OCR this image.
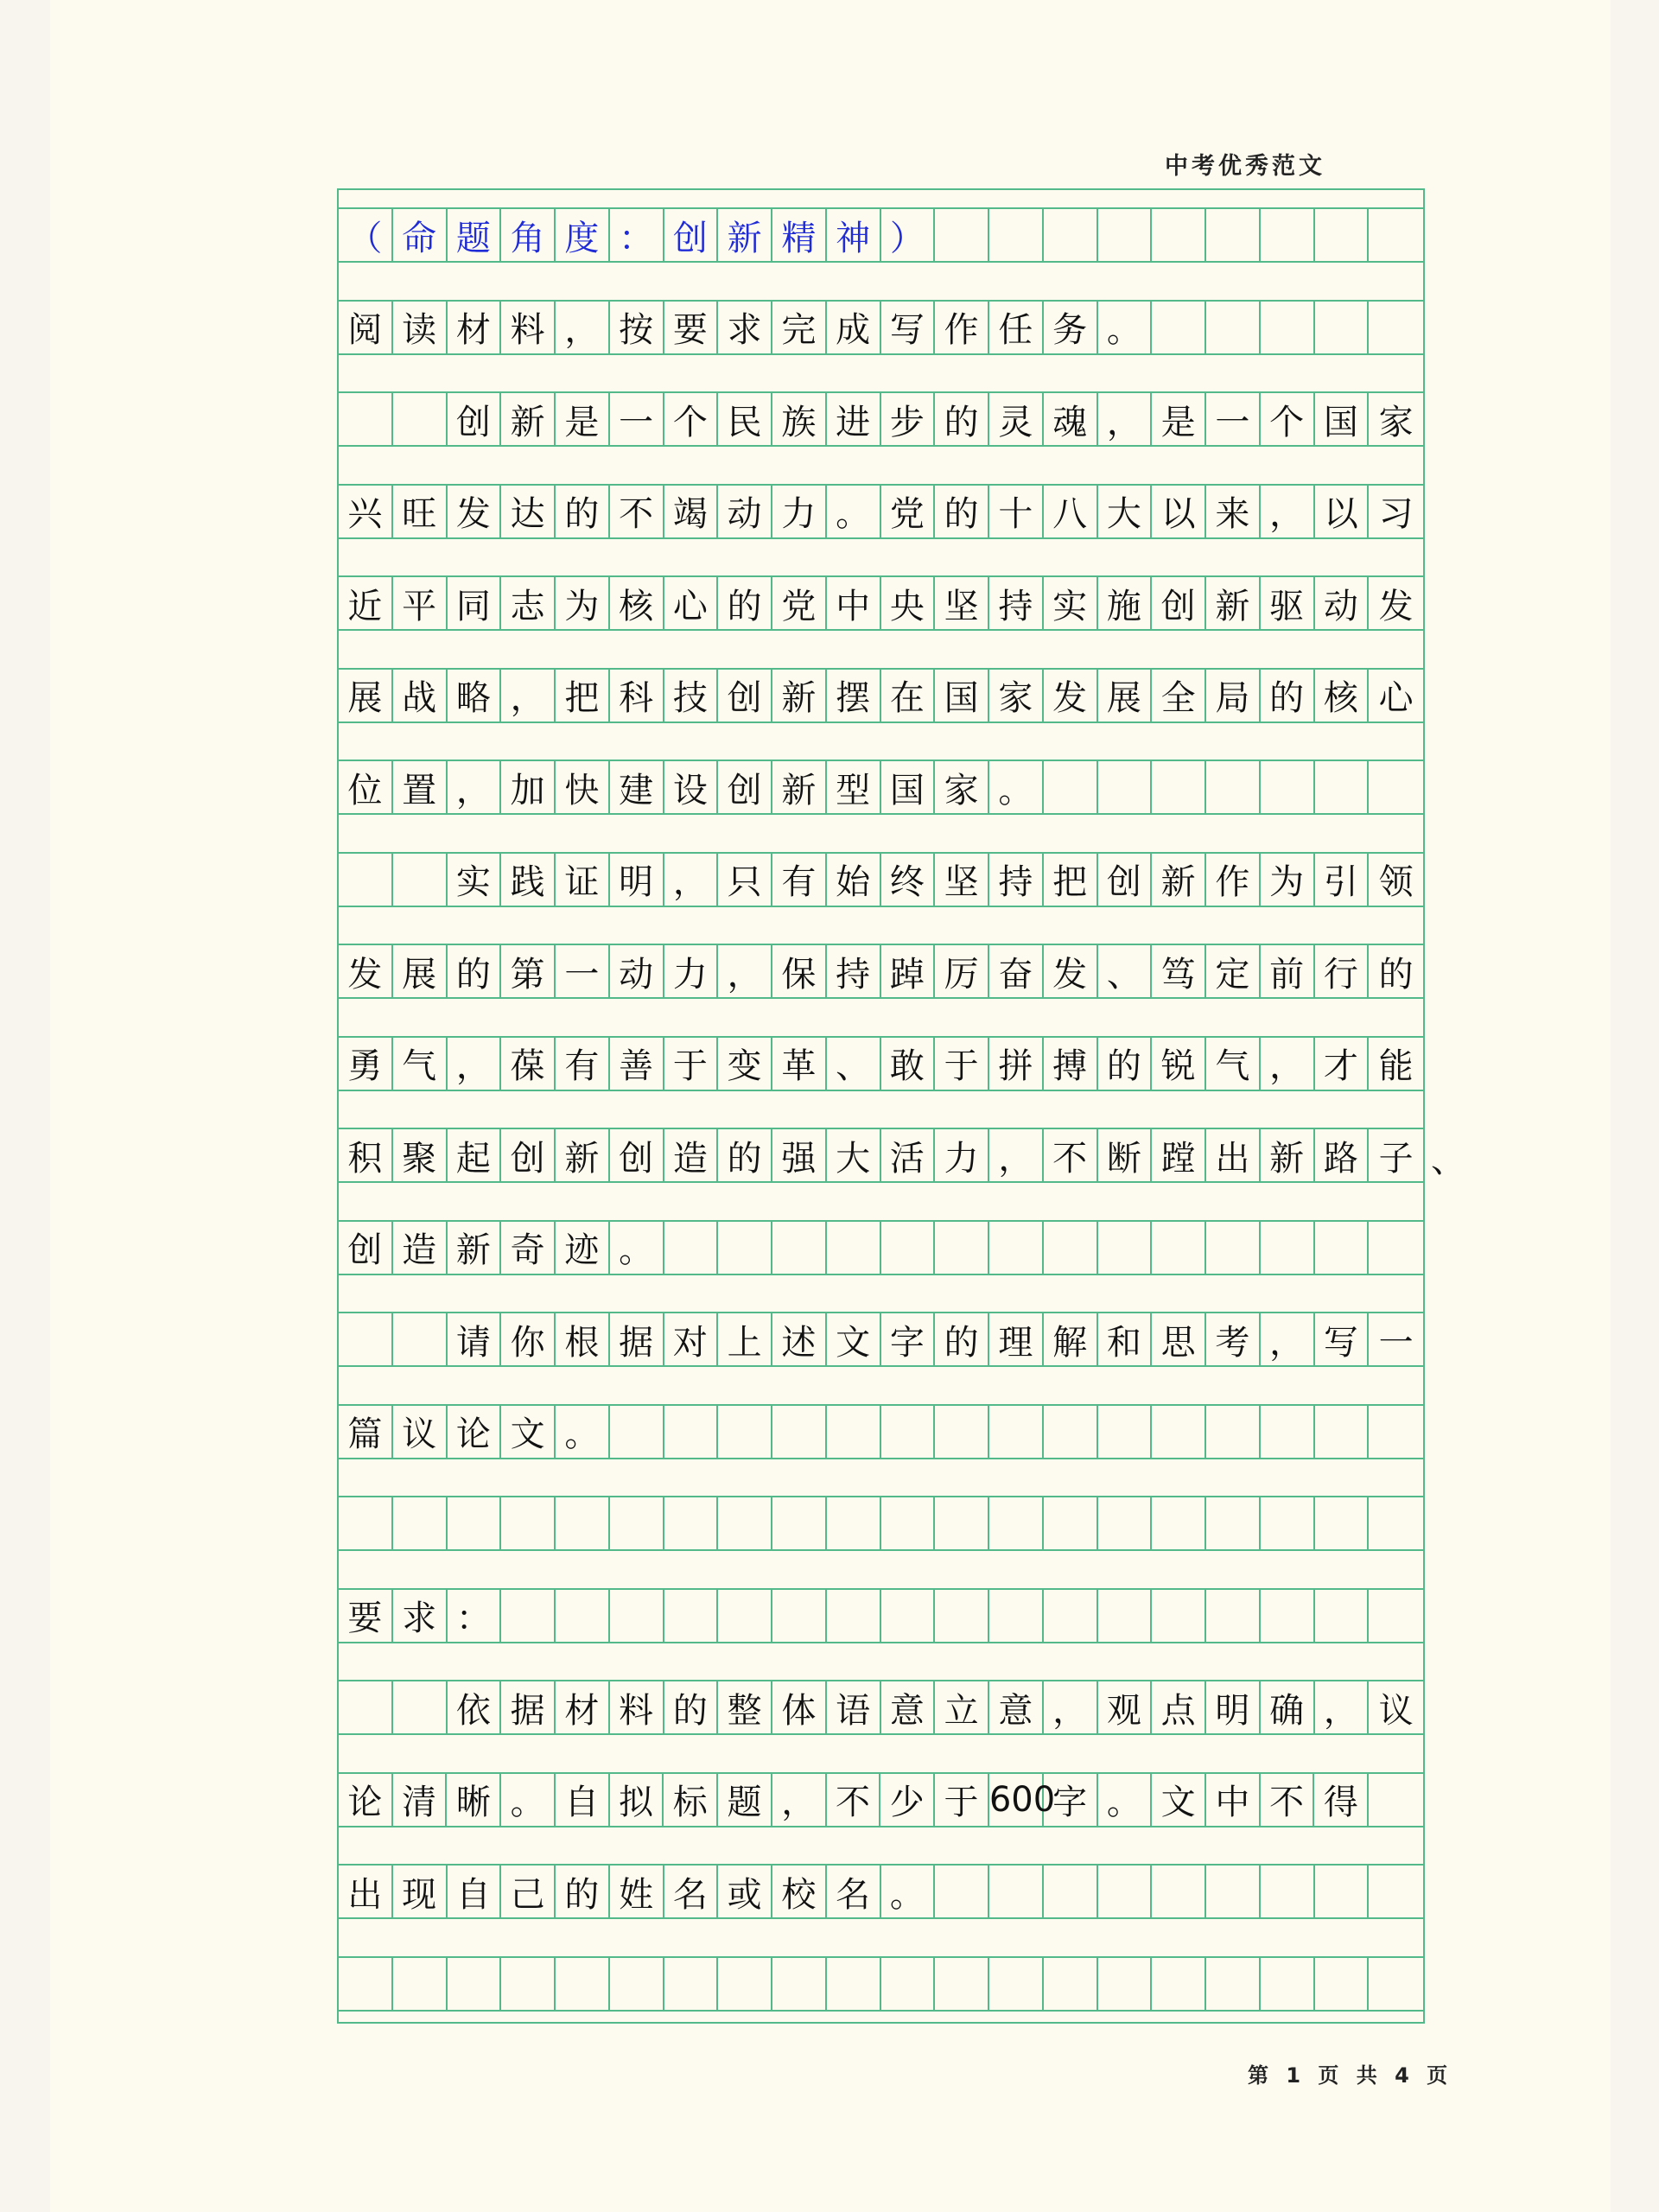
中考优秀范文
（ 命 题 角 度 ： 创 新 精 神 ）
阅 读 材 料 ， 按 要 求 完 成 写 作 任 务 。
创 新 是 一 个 民 族 进 步 的 灵 魂 ， 是 一 个 国 家
兴 旺 发 达 的 不 竭 动 力 。 党 的 十 八 大 以 来 ， 以 习
近 平 同 志 为 核 心 的 党 中 央 坚 持 实 施 创 新 驱 动 发
展 战 略 ， 把 科 技 创 新 摆 在 国 家 发 展 全 局 的 核 心
位 置 ， 加 快 建 设 创 新 型 国 家 。
实 践 证 明 ， 只 有 始 终 坚 持 把 创 新 作 为 引 领
发 展 的 第 一 动 力 ， 保 持 踔 厉 奋 发 、 笃 定 前 行 的
勇 气 ， 葆 有 善 于 变 革 、 敢 于 拼 搏 的 锐 气 ， 才 能
积 聚 起 创 新 创 造 的 强 大 活 力 ， 不 断 蹚 出 新 路 子
创 造 新 奇 迹 。
请 你 根 据 对 上 述 文 字 的 理 解 和 思 考 ， 写 一
篇 议 论 文 。
要 求 ：
依 据 材 料 的 整 体 语 意 立 意 ， 观 点 明 确 ， 议
论 清 晰 。 自 拟 标 题 ， 不 少 于 600
字 。 文 中 不 得
出 现 自 己 的 姓 名 或 校 名 。
第 1 页 共 4 页
、
